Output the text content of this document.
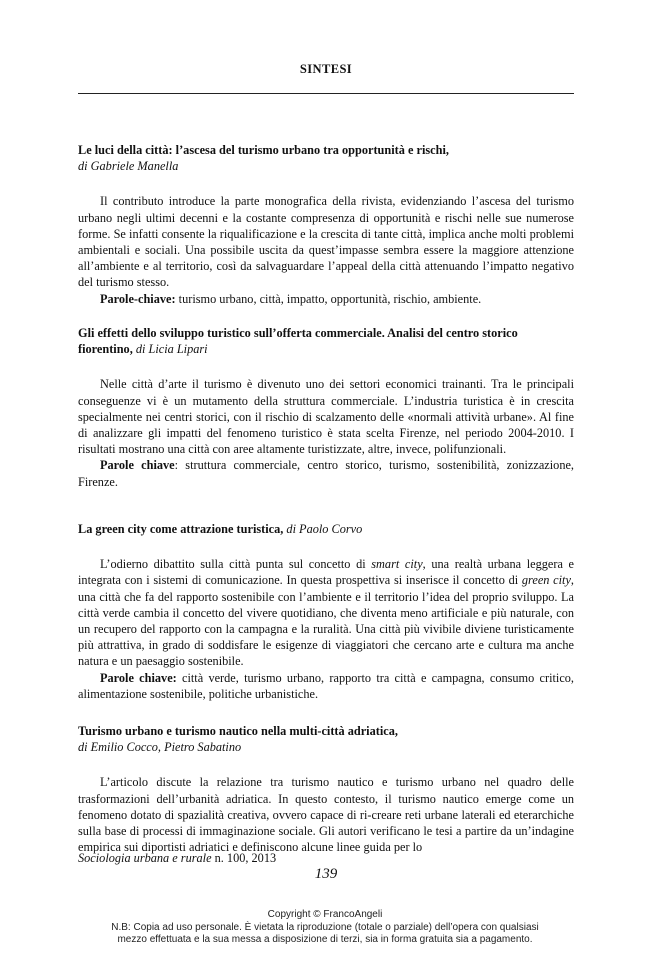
SINTESI

Le luci della città: l’ascesa del turismo urbano tra opportunità e rischi,

di Gabriele Manella

Il contributo introduce la parte monografica della rivista, evidenziando l’ascesa del turismo urbano negli ultimi decenni e la costante compresenza di opportunità e rischi nelle sue numerose forme. Se infatti consente la riqualificazione e la crescita di tante città, implica anche molti problemi ambientali e sociali. Una possibile uscita da quest’impasse sembra essere la maggiore attenzione all’ambiente e al territorio, così da salvaguardare l’appeal della città attenuando l’impatto negativo del turismo stesso.

Parole-chiave: turismo urbano, città, impatto, opportunità, rischio, ambiente.

Gli effetti dello sviluppo turistico sull’offerta commerciale. Analisi del centro storico fiorentino, di Licia Lipari

Nelle città d’arte il turismo è divenuto uno dei settori economici trainanti. Tra le principali conseguenze vi è un mutamento della struttura commerciale. L’industria turistica è in crescita specialmente nei centri storici, con il rischio di scalzamento delle «normali attività urbane». Al fine di analizzare gli impatti del fenomeno turistico è stata scelta Firenze, nel periodo 2004-2010. I risultati mostrano una città con aree altamente turistizzate, altre, invece, polifunzionali.

Parole chiave: struttura commerciale, centro storico, turismo, sostenibilità, zonizzazione, Firenze.

La green city come attrazione turistica, di Paolo Corvo

L’odierno dibattito sulla città punta sul concetto di smart city, una realtà urbana leggera e integrata con i sistemi di comunicazione. In questa prospettiva si inserisce il concetto di green city, una città che fa del rapporto sostenibile con l’ambiente e il territorio l’idea del proprio sviluppo. La città verde cambia il concetto del vivere quotidiano, che diventa meno artificiale e più naturale, con un recupero del rapporto con la campagna e la ruralità. Una città più vivibile diviene turisticamente più attrattiva, in grado di soddisfare le esigenze di viaggiatori che cercano arte e cultura ma anche natura e un paesaggio sostenibile.

Parole chiave: città verde, turismo urbano, rapporto tra città e campagna, consumo critico, alimentazione sostenibile, politiche urbanistiche.

Turismo urbano e turismo nautico nella multi-città adriatica,

di Emilio Cocco, Pietro Sabatino

L’articolo discute la relazione tra turismo nautico e turismo urbano nel quadro delle trasformazioni dell’urbanità adriatica. In questo contesto, il turismo nautico emerge come un fenomeno dotato di spazialità creativa, ovvero capace di ri-creare reti urbane laterali ed eterarchiche sulla base di processi di immaginazione sociale. Gli autori verificano le tesi a partire da un’indagine empirica sui diportisti adriatici e definiscono alcune linee guida per lo

Sociologia urbana e rurale n. 100, 2013
139
Copyright © FrancoAngeli
N.B: Copia ad uso personale. È vietata la riproduzione (totale o parziale) dell’opera con qualsiasi
mezzo effettuata e la sua messa a disposizione di terzi, sia in forma gratuita sia a pagamento.
